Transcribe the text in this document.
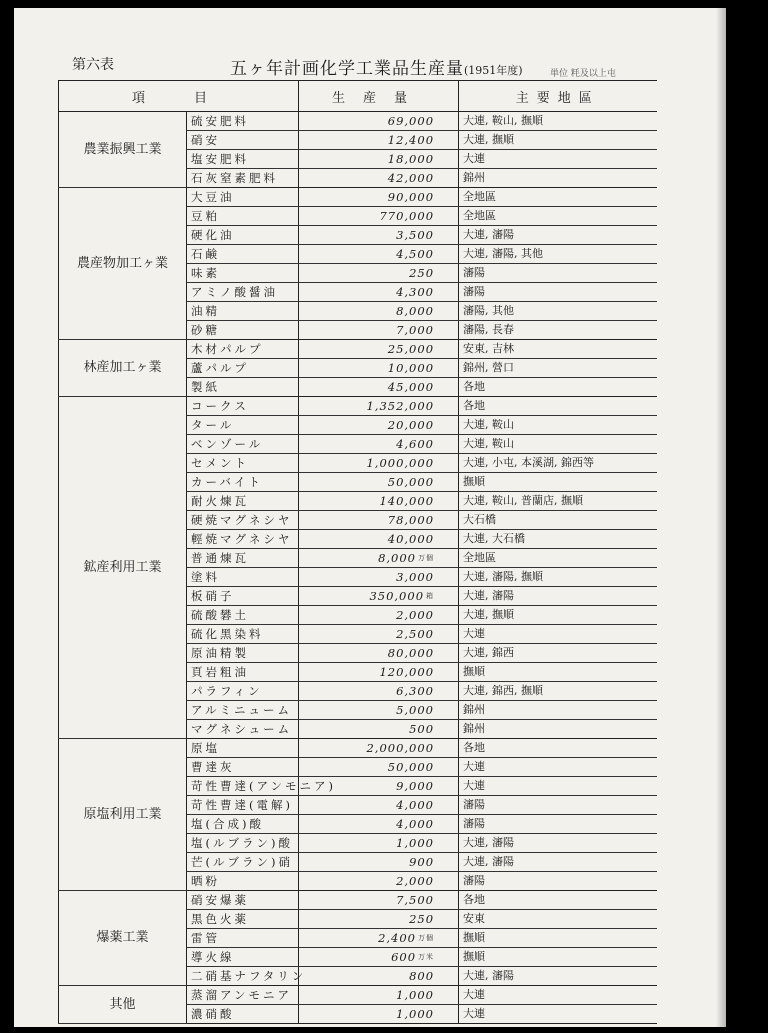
第六表	五ヶ年計画化学工業品生産量(1951年度)	単位 粍及以上屯
項　目		生産量	主要地區
農業振興工業	硫安肥料	69,000	大連, 鞍山, 撫順
	硝安	12,400	大連, 撫順
	塩安肥料	18,000	大連
	石灰窒素肥料	42,000	錦州
農産物加工ヶ業	大豆油	90,000	全地區
	豆粕	770,000	全地區
	硬化油	3,500	大連, 瀋陽
	石鹸	4,500	大連, 瀋陽, 其他
	味素	250	瀋陽
	アミノ酸醤油	4,300	瀋陽
	油精	8,000	瀋陽, 其他
	砂糖	7,000	瀋陽, 長春
林産加工ヶ業	木材パルプ	25,000	安東, 吉林
	蘆パルプ	10,000	錦州, 營口
	製紙	45,000	各地
鉱産利用工業	コークス	1,352,000	各地
	タール	20,000	大連, 鞍山
	ベンゾール	4,600	大連, 鞍山
	セメント	1,000,000	大連, 小屯, 本溪湖, 錦西等
	カーバイト	50,000	撫順
	耐火煉瓦	140,000	大連, 鞍山, 普蘭店, 撫順
	硬焼マグネシヤ	78,000	大石橋
	輕焼マグネシヤ	40,000	大連, 大石橋
	普通煉瓦	8,000 $^{万個}$	全地區
	塗料	3,000	大連, 瀋陽, 撫順
	板硝子	350,000 $^箱$	大連, 瀋陽
	硫酸礬土	2,000	大連, 撫順
	硫化黑染料	2,500	大連
	原油精製	80,000	大連, 錦西
	頁岩粗油	120,000	撫順
	パラフィン	6,300	大連, 錦西, 撫順
	アルミニューム	5,000	錦州
	マグネシューム	500	錦州
原塩利用工業	原塩	2,000,000	各地
	曹達灰	50,000	大連
	苛性曹達(アンモニア)	9,000	大連
	苛性曹達(電解)	4,000	瀋陽
	塩(合成)酸	4,000	瀋陽
	塩(ルブラン)酸	1,000	大連, 瀋陽
	芒(ルブラン)硝	900	大連, 瀋陽
	晒粉	2,000	瀋陽
爆薬工業	硝安爆薬	7,500	各地
	黒色火薬	250	安東
	雷管	2,400 $^{万個}$	撫順
	導火線	600 $^{万米}$	撫順
	二硝基ナフタリン	800	大連, 瀋陽
其他	蒸溜アンモニア	1,000	大連
	濃硝酸	1,000	大連
